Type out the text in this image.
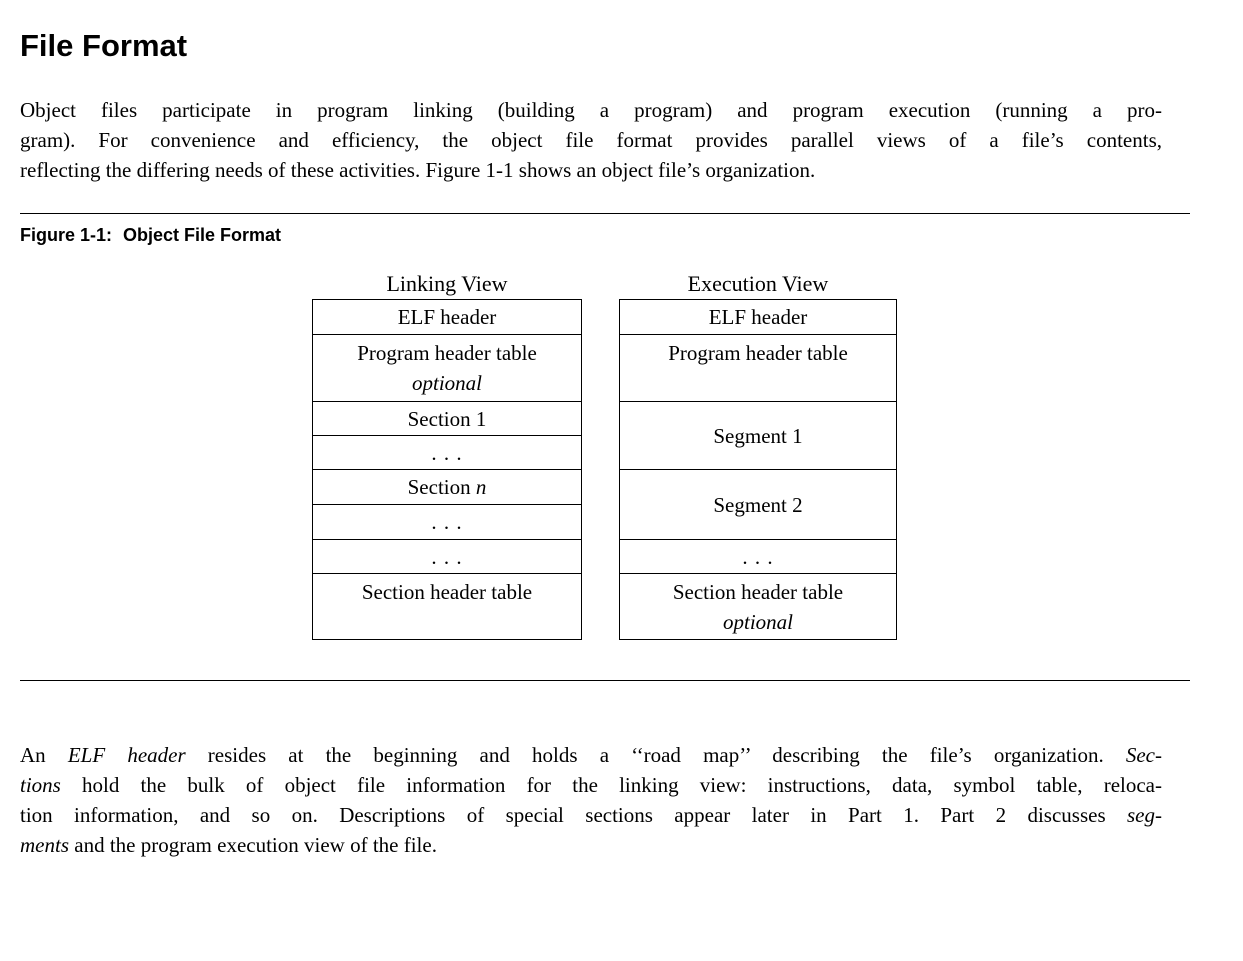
File Format
Object files participate in program linking (building a program) and program execution (running a pro-
gram). For convenience and efficiency, the object file format provides parallel views of a file’s contents,
reflecting the differing needs of these activities. Figure 1-1 shows an object file’s organization.
Figure 1-1: Object File Format
Linking View
ELF header
Program header table
optional
Section 1
. . .
Section n
. . .
. . .
Section header table
Execution View
ELF header
Program header table
Segment 1
Segment 2
. . .
Section header table
optional
An ELF header resides at the beginning and holds a ‘‘road map’’ describing the file’s organization. Sec-
tions hold the bulk of object file information for the linking view: instructions, data, symbol table, reloca-
tion information, and so on. Descriptions of special sections appear later in Part 1. Part 2 discusses seg-
ments and the program execution view of the file.
